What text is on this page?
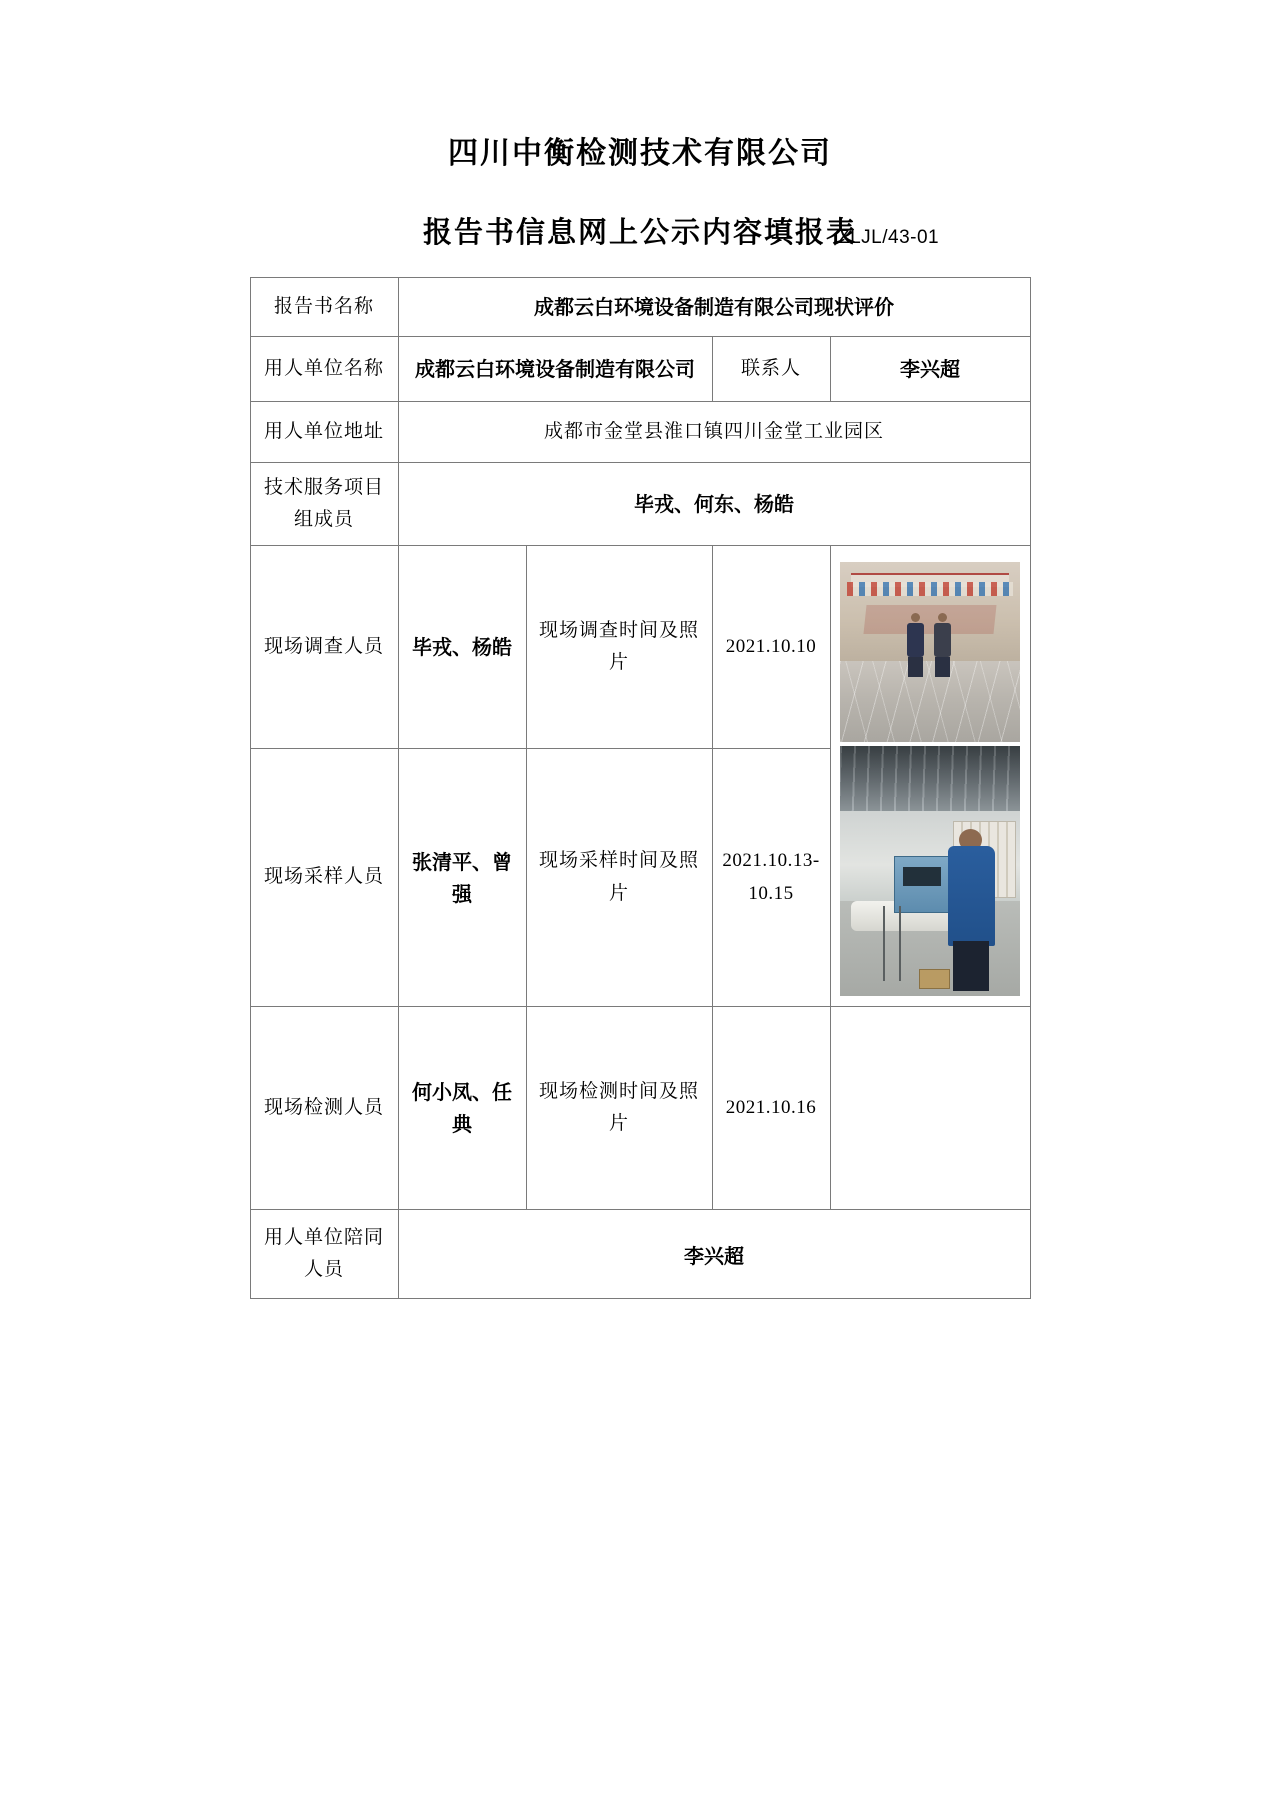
四川中衡检测技术有限公司
报告书信息网上公示内容填报表
ZLJL/43-01
报告书名称	成都云白环境设备制造有限公司现状评价			
用人单位名称	成都云白环境设备制造有限公司		联系人	李兴超
用人单位地址	成都市金堂县淮口镇四川金堂工业园区			
技术服务项目组成员	毕戎、何东、杨皓			
现场调查人员	毕戎、杨皓	现场调查时间及照片	2021.10.10	

现场采样人员	张清平、曾强	现场采样时间及照片	2021.10.13-10.15	
现场检测人员	何小凤、任典	现场检测时间及照片	2021.10.16	
用人单位陪同人员	李兴超			
